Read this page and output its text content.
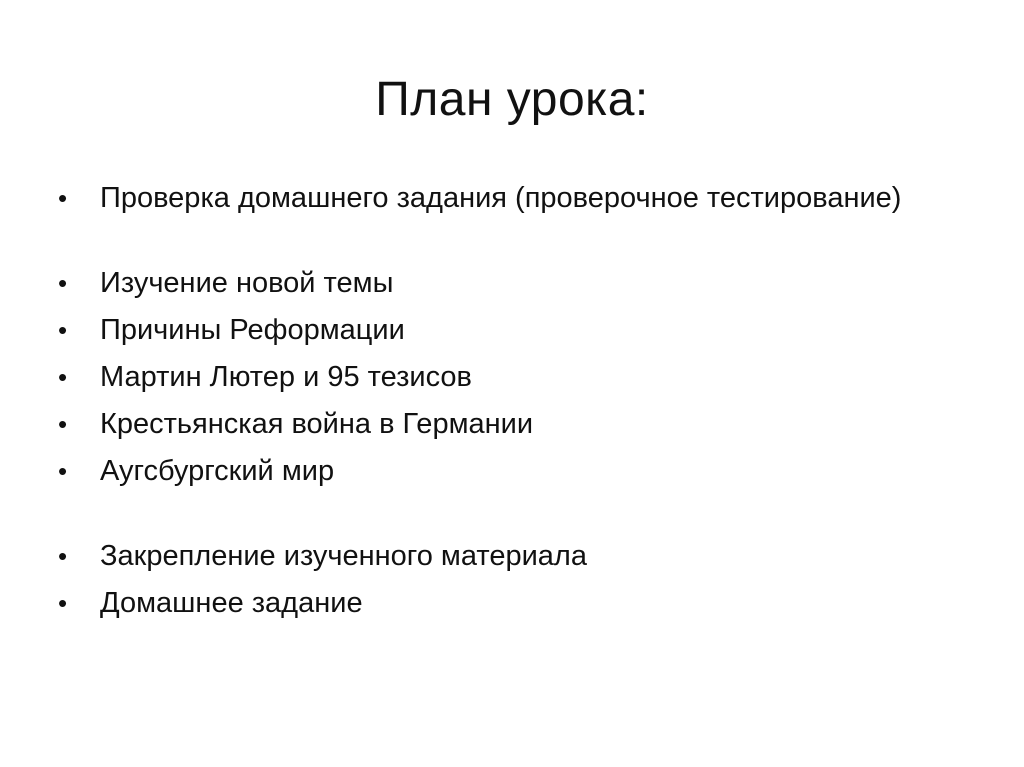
План урока:
•	Проверка домашнего задания (проверочное тестирование)
•	Изучение новой темы
•	Причины Реформации
•	Мартин Лютер и 95 тезисов
•	Крестьянская война в Германии
•	Аугсбургский мир
•	Закрепление изученного материала
•	Домашнее задание
